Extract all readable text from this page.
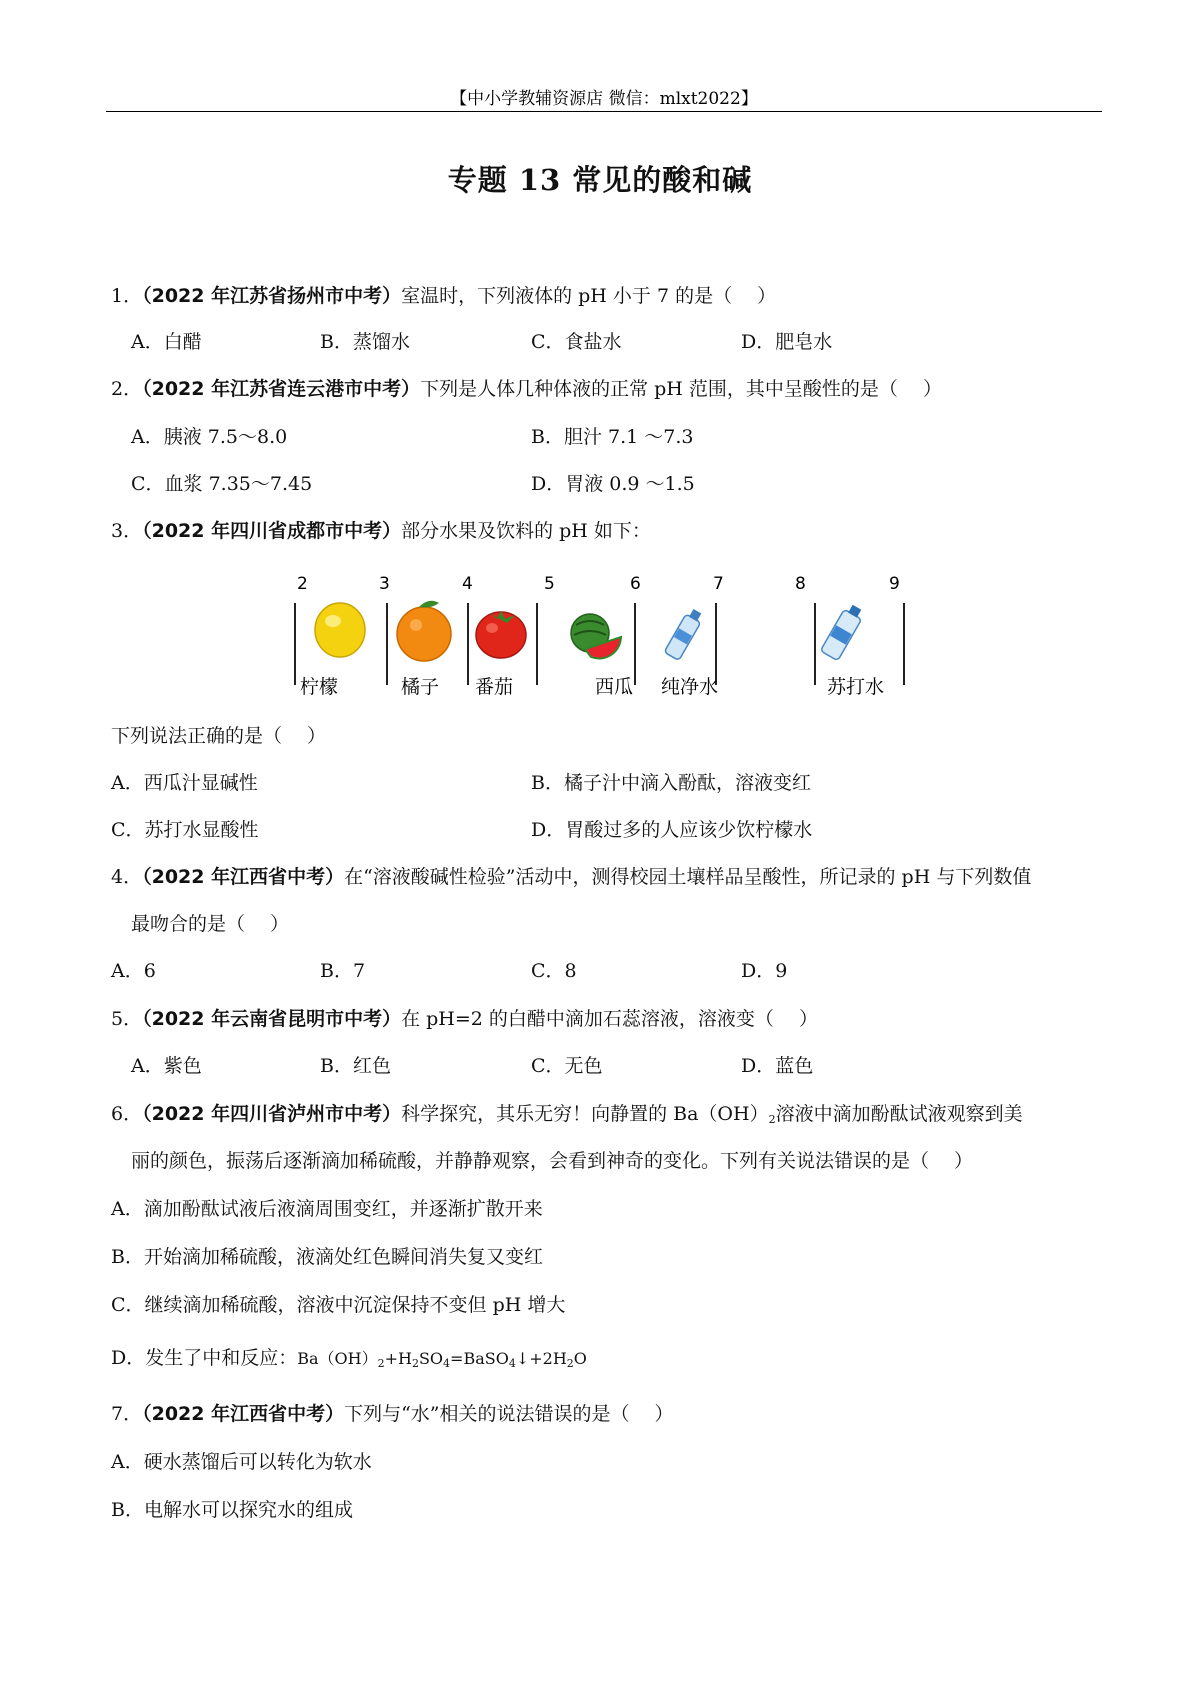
【中小学教辅资源店 微信：mlxt2022】
专题 13 常见的酸和碱
1．（2022 年江苏省扬州市中考）室温时，下列液体的 pH 小于 7 的是（　 ）
A．白醋	B．蒸馏水	C．食盐水	D．肥皂水
2．（2022 年江苏省连云港市中考）下列是人体几种体液的正常 pH 范围，其中呈酸性的是（　 ）
A．胰液 7.5～8.0	B．胆汁 7.1 ～7.3
C．血浆 7.35～7.45	D．胃液 0.9 ～1.5
3．（2022 年四川省成都市中考）部分水果及饮料的 pH 如下：
2	3	4	5	6	7	8	9
柠檬	橘子 番茄	西瓜 纯净水	苏打水
下列说法正确的是（　 ）
A．西瓜汁显碱性	B．橘子汁中滴入酚酞，溶液变红
C．苏打水显酸性	D．胃酸过多的人应该少饮柠檬水
4．（2022 年江西省中考）在“溶液酸碱性检验”活动中，测得校园土壤样品呈酸性，所记录的 pH 与下列数值
最吻合的是（　 ）
A．6	B．7	C．8	D．9
5．（2022 年云南省昆明市中考）在 pH=2 的白醋中滴加石蕊溶液，溶液变（　 ）
A．紫色	B．红色	C．无色	D．蓝色
6．（2022 年四川省泸州市中考）科学探究，其乐无穷！向静置的 $Ba(OH)_2$溶液中滴加酚酞试液观察到美
丽的颜色，振荡后逐渐滴加稀硫酸，并静静观察，会看到神奇的变化。下列有关说法错误的是（　 ）
A．滴加酚酞试液后液滴周围变红，并逐渐扩散开来
B．开始滴加稀硫酸，液滴处红色瞬间消失复又变红
C．继续滴加稀硫酸，溶液中沉淀保持不变但 pH 增大
D．发生了中和反应：$Ba(OH)_2+H_2SO_4=BaSO_4↓+2H_2O$
7．（2022 年江西省中考）下列与“水”相关的说法错误的是（　 ）
A．硬水蒸馏后可以转化为软水
B．电解水可以探究水的组成
